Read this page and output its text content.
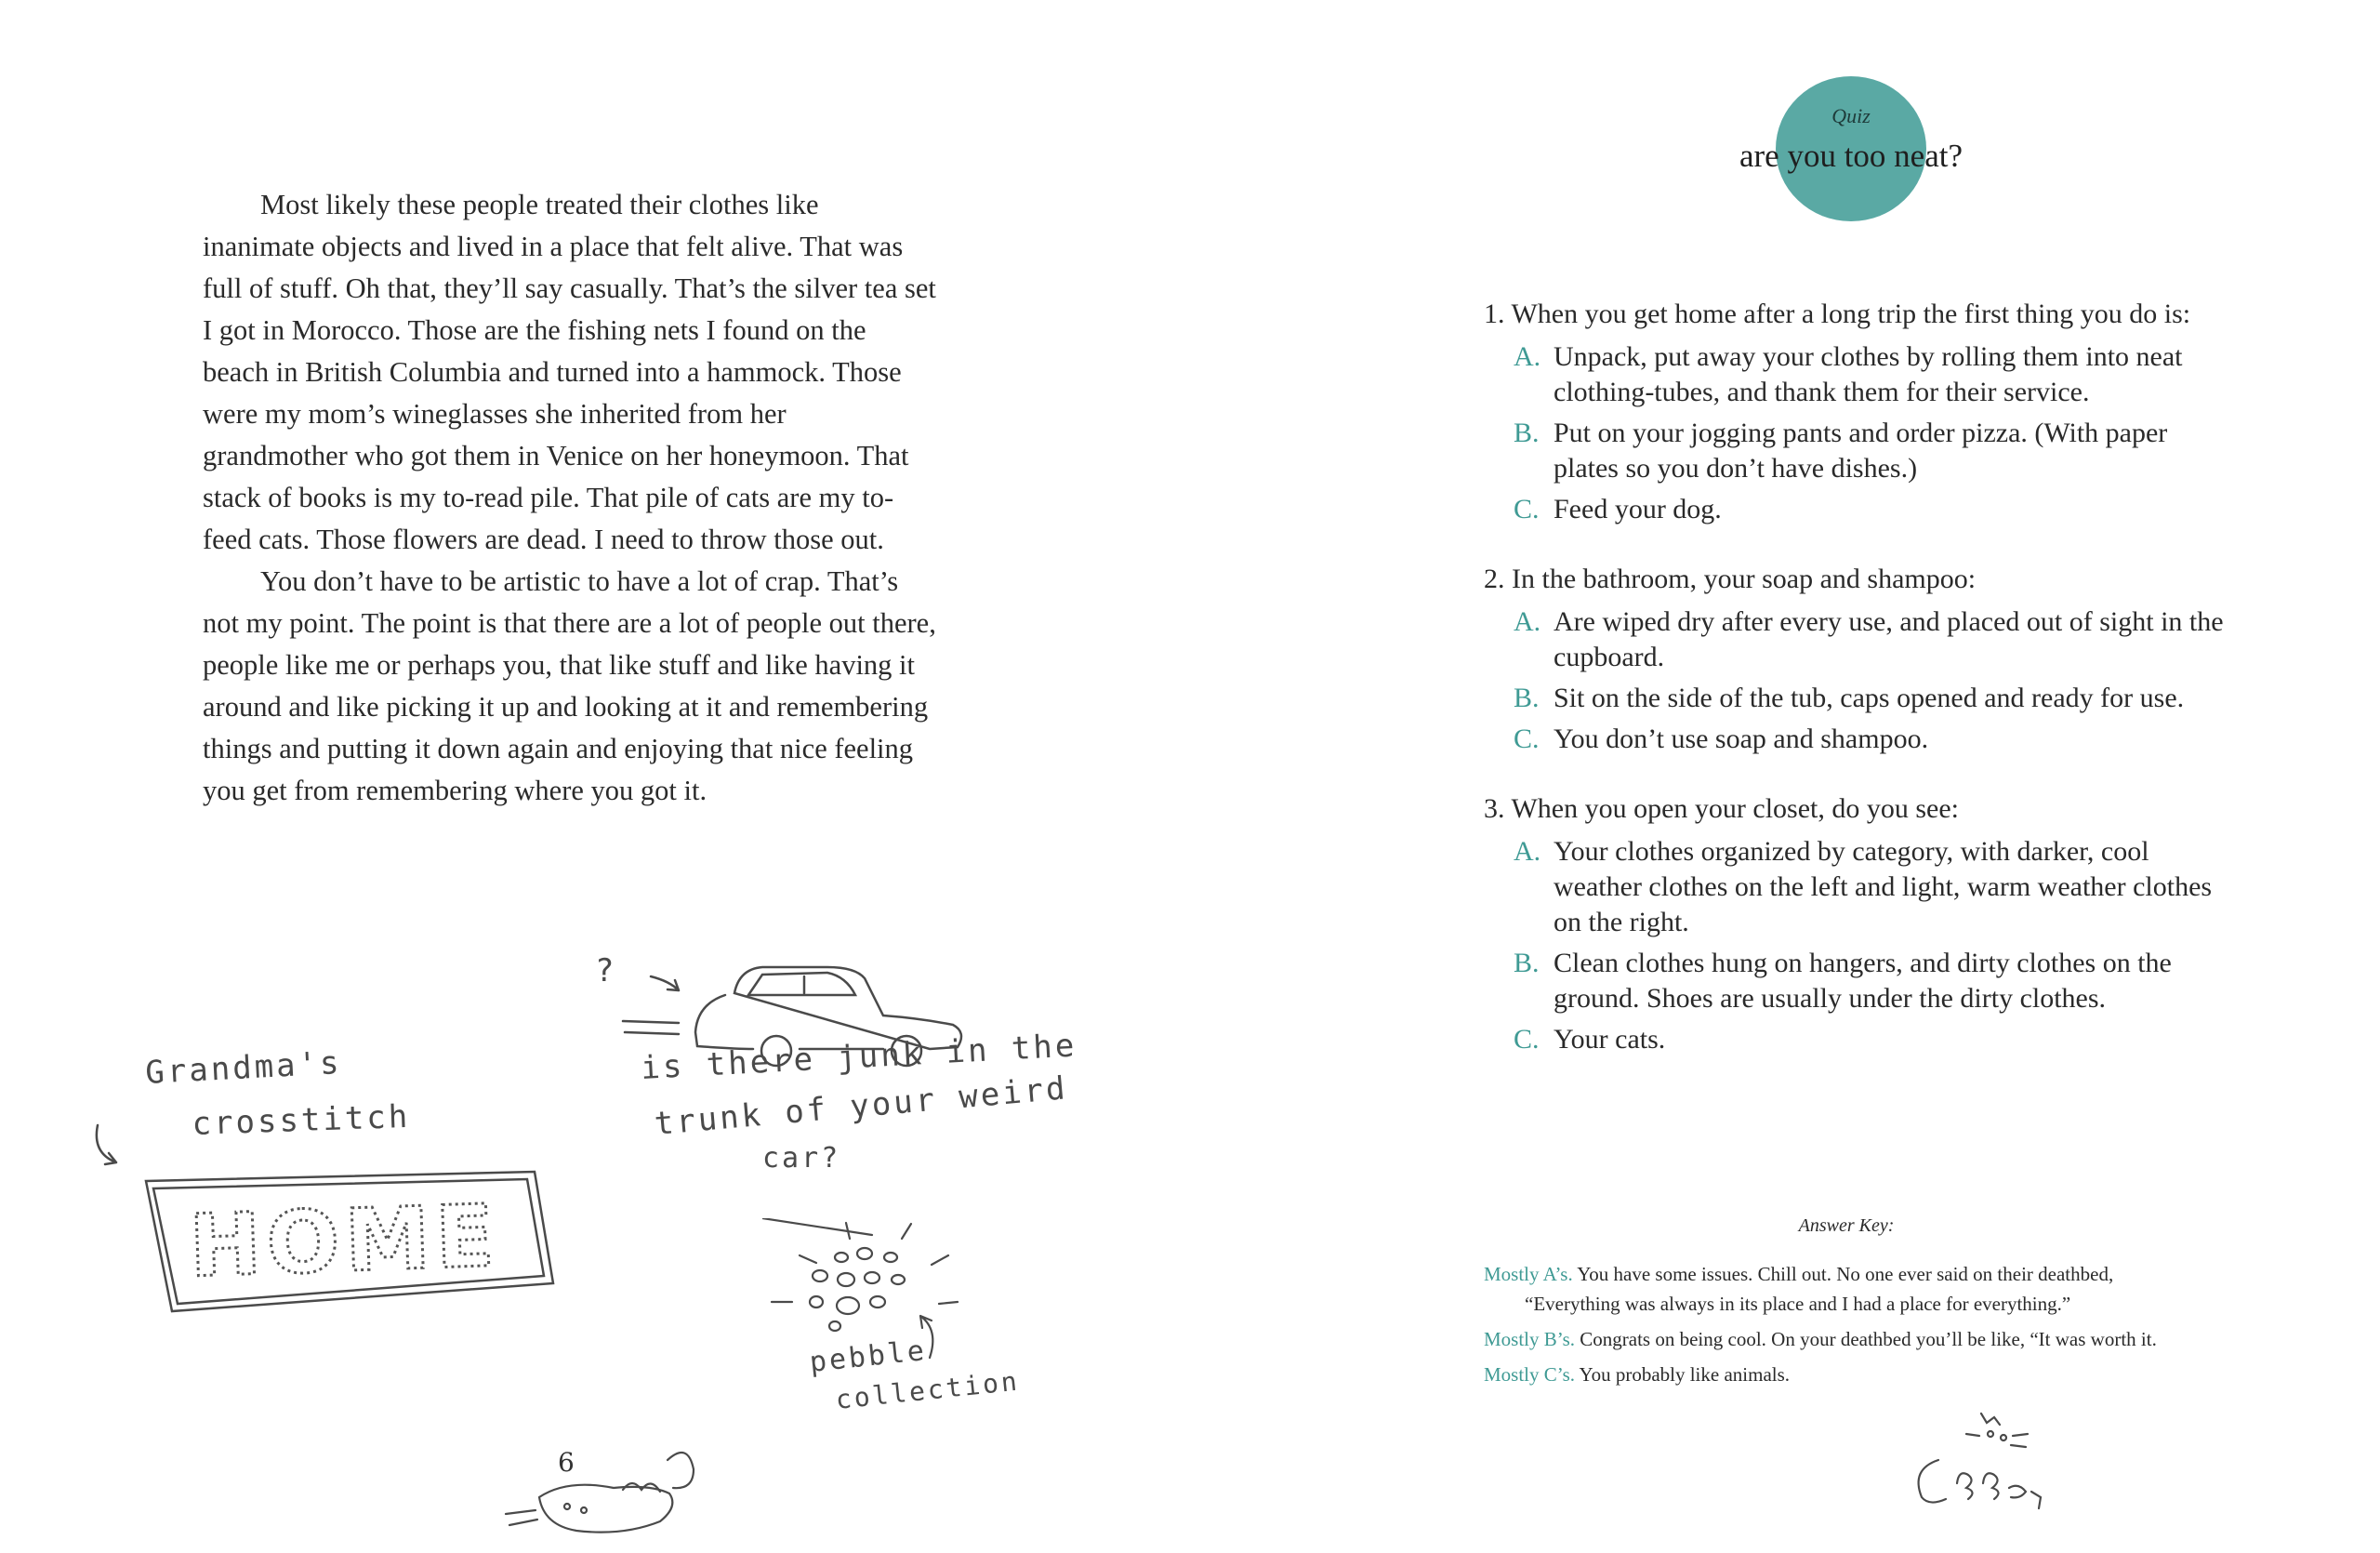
Most likely these people treated their clothes like inanimate objects and lived in a place that felt alive. That was full of stuff. Oh that, they’ll say casually. That’s the silver tea set I got in Morocco. Those are the fishing nets I found on the beach in British Columbia and turned into a hammock. Those were my mom’s wineglasses she inherited from her grandmother who got them in Venice on her honeymoon. That stack of books is my to-read pile. That pile of cats are my to-feed cats. Those flowers are dead. I need to throw those out.

You don’t have to be artistic to have a lot of crap. That’s not my point. The point is that there are a lot of people out there, people like me or perhaps you, that like stuff and like having it around and like picking it up and looking at it and remembering things and putting it down again and enjoying that nice feeling you get from remembering where you got it.

?
is there junk in the
trunk of your weird
car?
Grandma's
crosstitch
HOME
pebble
collection
6
Quiz
are you too neat?

1. When you get home after a long trip the first thing you do is:

A. Unpack, put away your clothes by rolling them into neat clothing-tubes, and thank them for their service.
B. Put on your jogging pants and order pizza. (With paper plates so you don’t have dishes.)
C. Feed your dog.

2. In the bathroom, your soap and shampoo:

A. Are wiped dry after every use, and placed out of sight in the cupboard.
B. Sit on the side of the tub, caps opened and ready for use.
C. You don’t use soap and shampoo.

3. When you open your closet, do you see:

A. Your clothes organized by category, with darker, cool weather clothes on the left and light, warm weather clothes on the right.
B. Clean clothes hung on hangers, and dirty clothes on the ground. Shoes are usually under the dirty clothes.
C. Your cats.
Answer Key:
Mostly A’s. You have some issues. Chill out. No one ever said on their deathbed,
“Everything was always in its place and I had a place for everything.”
Mostly B’s. Congrats on being cool. On your deathbed you’ll be like, “It was worth it.
Mostly C’s. You probably like animals.
